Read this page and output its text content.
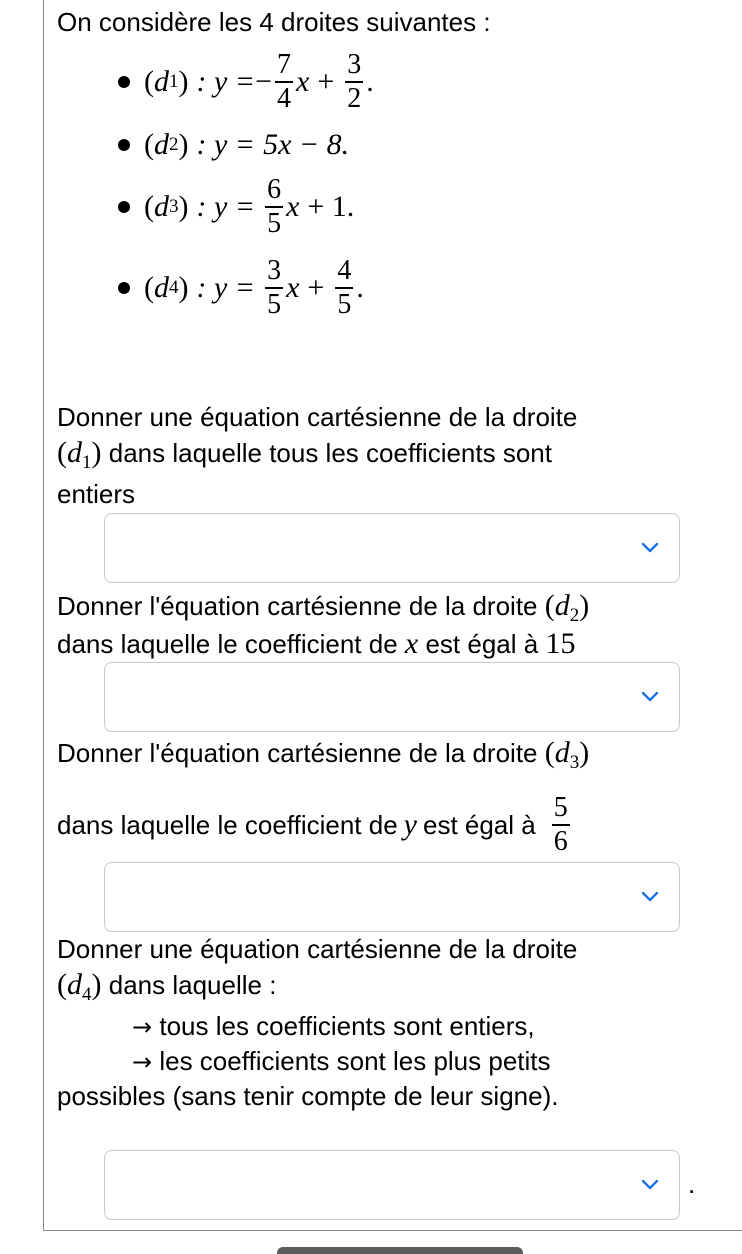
On considère les 4 droites suivantes :
( d 1 ) : y = − $\frac{7}{4}$ $x + \frac{3}{2}$ .
( d 2 ) : y = 5x − 8.
( d 3 ) : $y = \frac{6}{5}$ x + 1.
( d 4 ) : $y = \frac{3}{5}$ $x + \frac{4}{5}$ .
Donner une équation cartésienne de la droite
$(d_1)$ dans laquelle tous les coefficients sont
entiers
Donner l'équation cartésienne de la droite $(d_2)$
dans laquelle le coefficient de x est égal à 15
Donner l'équation cartésienne de la droite $(d_3)$
dans laquelle le coefficient de y est égal à $\frac{5}{6}$
Donner une équation cartésienne de la droite
$(d_4)$ dans laquelle :
→ tous les coefficients sont entiers,
→ les coefficients sont les plus petits
possibles (sans tenir compte de leur signe).
.
